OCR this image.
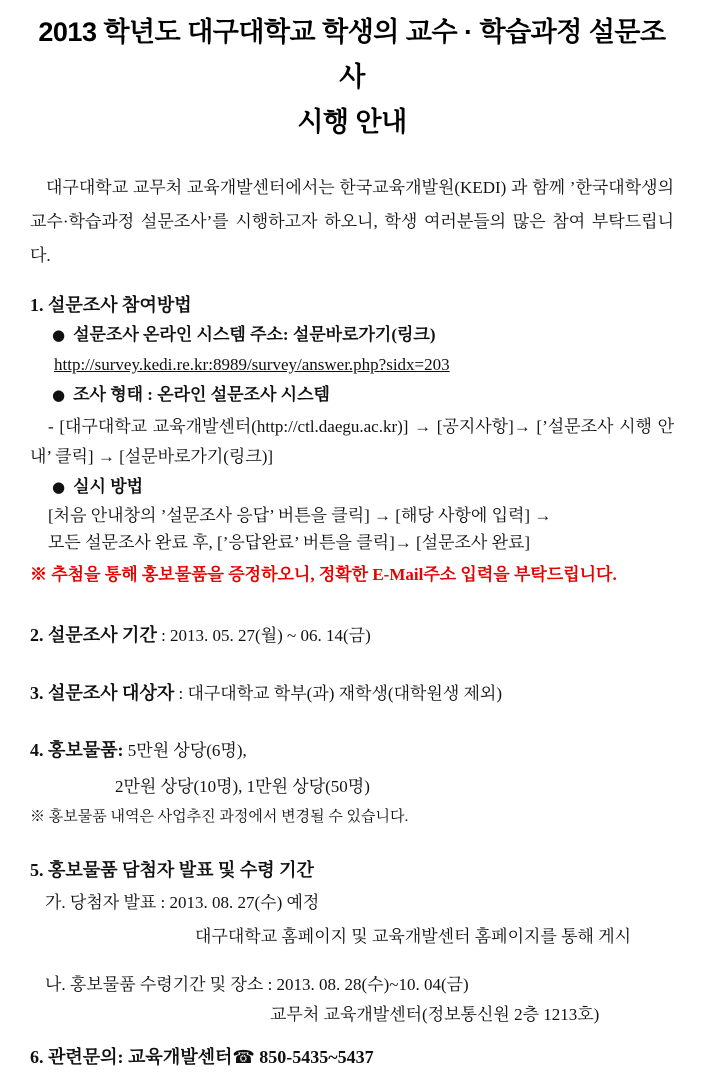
2013 학년도 대구대학교 학생의 교수 · 학습과정 설문조사
시행 안내

대구대학교 교무처 교육개발센터에서는 한국교육개발원(KEDI) 과 함께 ’한국대학생의 교수·학습과정 설문조사’를 시행하고자 하오니, 학생 여러분들의 많은 참여 부탁드립니다.

1. 설문조사 참여방법

● 설문조사 온라인 시스템 주소: 설문바로가기(링크)

http://survey.kedi.re.kr:8989/survey/answer.php?sidx=203

● 조사 형태 : 온라인 설문조사 시스템

- [대구대학교 교육개발센터(http://ctl.daegu.ac.kr)] → [공지사항]→ [’설문조사 시행 안내’ 클릭] → [설문바로가기(링크)]

● 실시 방법

[처음 안내창의 ’설문조사 응답’ 버튼을 클릭] → [해당 사항에 입력] →

모든 설문조사 완료 후, [’응답완료’ 버튼을 클릭]→ [설문조사 완료]

※ 추첨을 통해 홍보물품을 증정하오니, 정확한 E-Mail주소 입력을 부탁드립니다.

2. 설문조사 기간 : 2013. 05. 27(월) ~ 06. 14(금)

3. 설문조사 대상자 : 대구대학교 학부(과) 재학생(대학원생 제외)

4. 홍보물품: 5만원 상당(6명),

2만원 상당(10명), 1만원 상당(50명)

※ 홍보물품 내역은 사업추진 과정에서 변경될 수 있습니다.

5. 홍보물품 담첨자 발표 및 수령 기간

가. 당첨자 발표 : 2013. 08. 27(수) 예정

대구대학교 홈페이지 및 교육개발센터 홈페이지를 통해 게시

나. 홍보물품 수령기간 및 장소 : 2013. 08. 28(수)~10. 04(금)

교무처 교육개발센터(정보통신원 2층 1213호)

6. 관련문의: 교육개발센터☎ 850-5435~5437
